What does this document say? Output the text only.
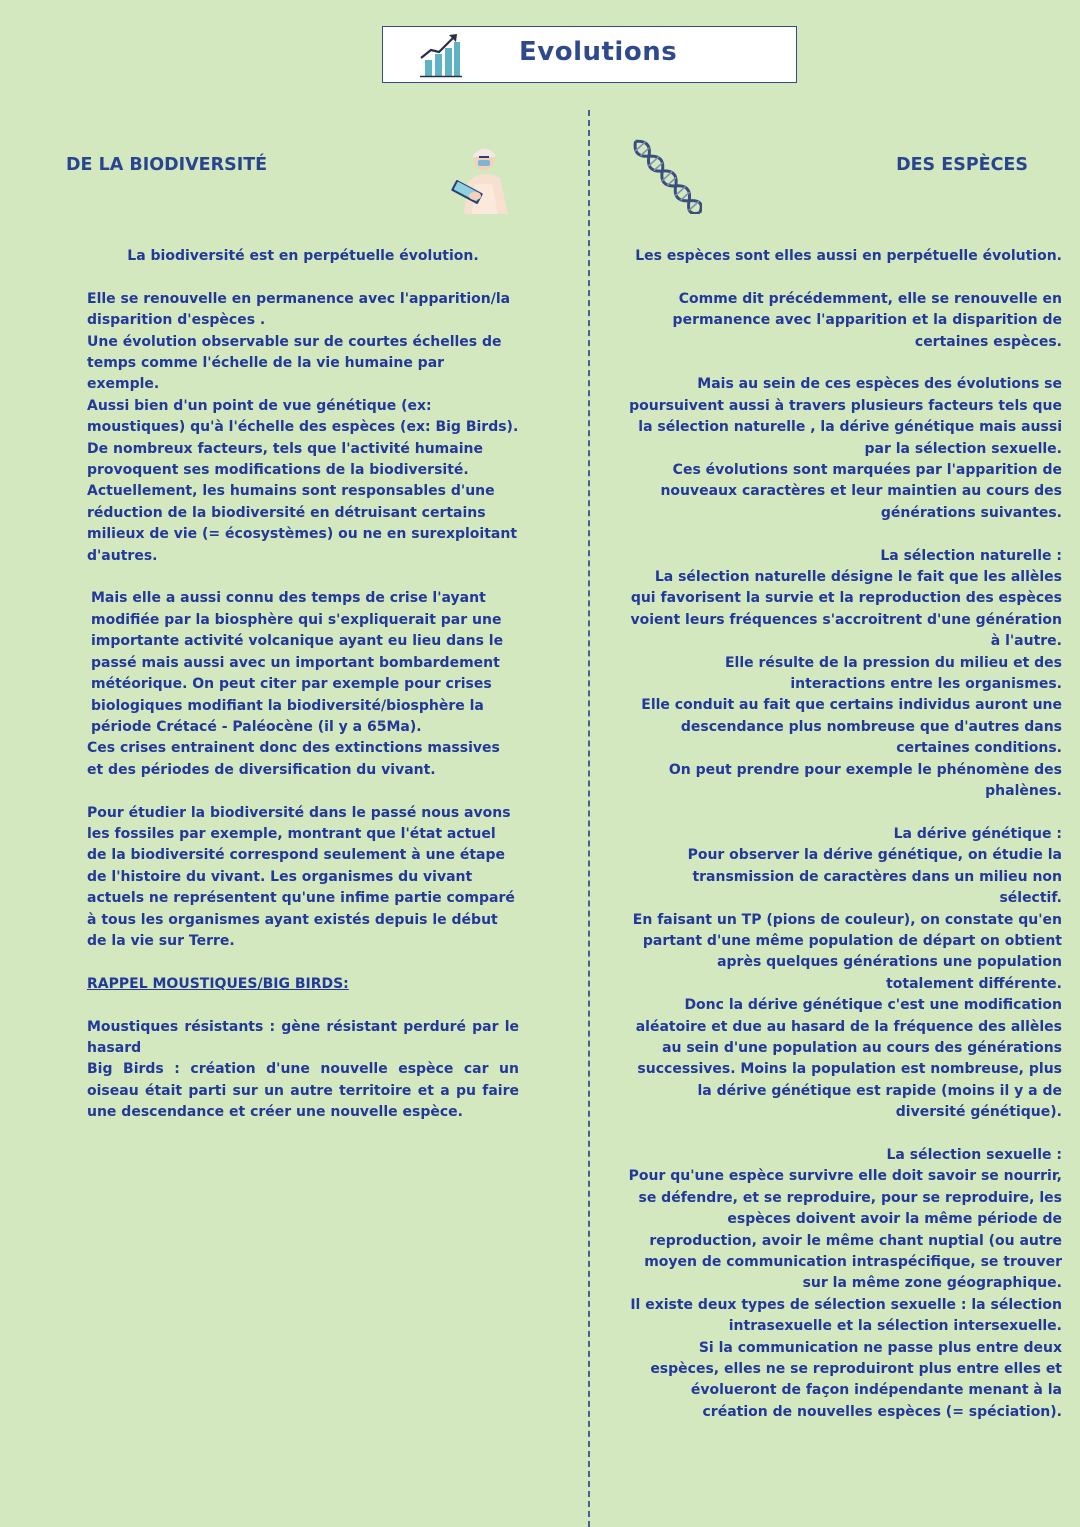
Evolutions
DE LA BIODIVERSITÉ	DES ESPÈCES

La biodiversité est en perpétuelle évolution.

Elle se renouvelle en permanence avec l'apparition/la disparition d'espèces .

Une évolution observable sur de courtes échelles de temps comme l'échelle de la vie humaine par exemple.

Aussi bien d'un point de vue génétique (ex: moustiques) qu'à l'échelle des espèces (ex: Big Birds). De nombreux facteurs, tels que l'activité humaine provoquent ses modifications de la biodiversité.

Actuellement, les humains sont responsables d'une réduction de la biodiversité en détruisant certains milieux de vie (= écosystèmes) ou ne en surexploitant d'autres.

Mais elle a aussi connu des temps de crise l'ayant modifiée par la biosphère qui s'expliquerait par une importante activité volcanique ayant eu lieu dans le passé mais aussi avec un important bombardement météorique. On peut citer par exemple pour crises biologiques modifiant la biodiversité/biosphère la période Crétacé - Paléocène (il y a 65Ma).

Ces crises entrainent donc des extinctions massives et des périodes de diversification du vivant.

Pour étudier la biodiversité dans le passé nous avons les fossiles par exemple, montrant que l'état actuel de la biodiversité correspond seulement à une étape de l'histoire du vivant. Les organismes du vivant actuels ne représentent qu'une infime partie comparé à tous les organismes ayant existés depuis le début de la vie sur Terre.

RAPPEL MOUSTIQUES/BIG BIRDS:

Moustiques résistants : gène résistant perduré par le hasard

Big Birds : création d'une nouvelle espèce car un oiseau était parti sur un autre territoire et a pu faire une descendance et créer une nouvelle espèce.

Les espèces sont elles aussi en perpétuelle évolution.

Comme dit précédemment, elle se renouvelle en permanence avec l'apparition et la disparition de certaines espèces.

Mais au sein de ces espèces des évolutions se poursuivent aussi à travers plusieurs facteurs tels que la sélection naturelle , la dérive génétique mais aussi par la sélection sexuelle.

Ces évolutions sont marquées par l'apparition de nouveaux caractères et leur maintien au cours des générations suivantes.

La sélection naturelle :

La sélection naturelle désigne le fait que les allèles qui favorisent la survie et la reproduction des espèces voient leurs fréquences s'accroitrent d'une génération à l'autre.

Elle résulte de la pression du milieu et des interactions entre les organismes.

Elle conduit au fait que certains individus auront une descendance plus nombreuse que d'autres dans certaines conditions.

On peut prendre pour exemple le phénomène des phalènes.

La dérive génétique :

Pour observer la dérive génétique, on étudie la transmission de caractères dans un milieu non sélectif.

En faisant un TP (pions de couleur), on constate qu'en partant d'une même population de départ on obtient après quelques générations une population totalement différente.

Donc la dérive génétique c'est une modification aléatoire et due au hasard de la fréquence des allèles au sein d'une population au cours des générations successives. Moins la population est nombreuse, plus la dérive génétique est rapide (moins il y a de diversité génétique).

La sélection sexuelle :

Pour qu'une espèce survivre elle doit savoir se nourrir, se défendre, et se reproduire, pour se reproduire, les espèces doivent avoir la même période de reproduction, avoir le même chant nuptial (ou autre moyen de communication intraspécifique, se trouver sur la même zone géographique.

Il existe deux types de sélection sexuelle : la sélection intrasexuelle et la sélection intersexuelle.

Si la communication ne passe plus entre deux espèces, elles ne se reproduiront plus entre elles et évolueront de façon indépendante menant à la création de nouvelles espèces (= spéciation).
